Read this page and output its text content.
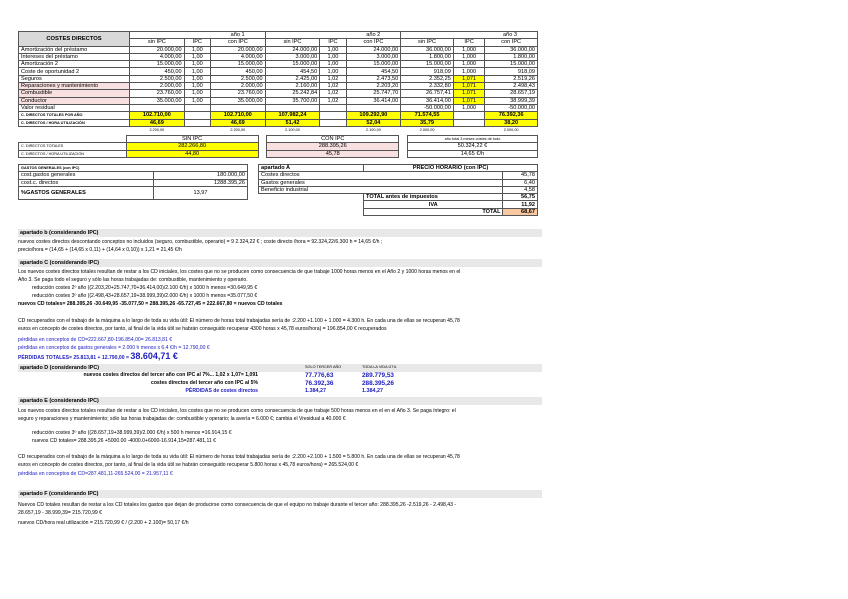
COSTES DIRECTOS	año 1			año 2			año 3		
	sin IPC	IPC	con IPC	sin IPC	IPC	con IPC	sin IPC	IPC	con IPC
Amortización del préstamo	20.000,00	1,00	20.000,00	24.000,00	1,00	24.000,00	36.000,00	1,000	36.000,00
Intereses del préstamo	4.000,00	1,00	4.000,00	3.000,00	1,00	3.000,00	1.800,00	1,000	1.800,00
Amortización 2	15.000,00	1,00	15.000,00	15.000,00	1,00	15.000,00	15.000,00	1,000	15.000,00
Coste de oportunidad 2	450,00	1,00	450,00	454,50	1,00	454,50	918,09	1,000	918,09
Seguros	2.500,00	1,00	2.500,00	2.425,00	1,02	2.473,50	2.352,25	1,071	2.519,26
Reparaciones y mantenimiento	2.000,00	1,00	2.000,00	2.160,00	1,02	2.203,20	2.332,80	1,071	2.498,43
Combustible	23.760,00	1,00	23.760,00	25.242,84	1,02	25.747,70	26.757,41	1,071	28.657,19
Conductor	35.000,00	1,00	35.000,00	35.700,00	1,02	36.414,00	36.414,00	1,071	38.999,39
Valor residual							-50.000,00	1,000	-50.000,00
C. DIRECTOS TOTALES POR AÑO	102.710,00		102.710,00	107.982,24		109.292,90	71.574,55		76.392,36
C. DIRECTOS / HORA UTILIZACIÓN	46,69		46,69	51,42		52,04	35,79		38,20
	2.200,00		2.200,00	2.100,00		2.100,00	2.000,00		2.000,00
	SIN IPC		CON IPC		año total 3 meses costes de todo
C. DIRECTOS TOTALES	282.266,80		288.395,26		50.324,22 €
C. DIRECTOS / HORA UTILIZACIÓN	44,80		45,78		14,65 €/h
GASTOS GENERALES (con IPC)	
cost.gastos generales	180.000,00
cost.c. directos	1288.395,26
%GASTOS GENERALES	13,97
apartado A	PRECIO HORARIO (con IPC)	
Costes directos		45,78
Gastos generales		6,40
Beneficio industrial		4,58
	TOTAL antes de impuestos	56,75
	IVA	11,92
	TOTAL	68,67
apartado b (considerando IPC)
nuevos costes directos descontando conceptos no incluidos (seguro, combustible, operario) = 9 2.324,22 € ; coste directo /hora = 92.324,22/6.300 h = 14,65 €/h ;
precio/hora = (14,65 + (14,65 x 0,11) + (14,64 x 0,10)) x 1,21 = 21,45 €/h
apartado C (considerando IPC)
Los nuevos costes directos totales resultan de restar a los CD iniciales, los costes que no se producen como consecuencia de que trabaje 1000 horas menos en el Año 2 y 1000 horas menos en el
Año 3. Se paga todo el seguro y sólo las horas trabajadas de: combustible, mantenimiento y operario.
reducción costes 2º año ((2.203,20+25.747,70+36.414,00)/2.100 €/h) x 1000 h menos =30.649,95 €
reducción costes 3º año ((2.498,43+28.657,19+38.999,39)/2.000 €/h) x 1000 h menos =35.077,50 €
nuevos CD totales= 288.395,26 -30.649,95 -35.077,50 = 288.395,26 -65.727,45 = 222.667,80 = nuevos CD totales
CD recuperados con el trabajo de la máquina a lo largo de toda su vida útil: El número de horas total trabajadas sería de :2.200 +1.100 + 1.000 = 4.300 h. En cada una de ellas se recuperan 45,78
euros en concepto de costes directos, por tanto, al final de la vida útil se habrán conseguido recuperar 4300 horas x 45,78 euros/hora) = 196.854,00 € recuperados
pérdidas en conceptos de CD=222.667,80-196.854,00= 26.813,81 €
pérdidas en conceptos de gastos generales = 2.000 h menos x 6,4 €/h = 12.790,00 €
PÉRDIDAS TOTALES= 25.813,81 + 12.790,00 = 38.604,71 €
apartado D (considerando IPC)	SOLO TERCER AÑO	TODA LA VIDA ÚTIL
nuevos costes directos del tercer año con IPC al 7%... 1,02 x 1,07= 1,091	77.776,63	289.779,53
costes directos del tercer año con IPC al 5%	76.392,36	288.395,26
PÉRDIDAS de costes directos	1.384,27	1.384,27
apartado E (considerando IPC)
Los nuevos costes directos totales resultan de restar a los CD iniciales, los costes que no se producen como consecuencia de que trabaje 500 horas menos en el en el Año 3. Se paga íntegro: el
seguro y reparaciones y mantenimiento; sólo las horas trabajadas de: combustible y operario; la avería = 6.000 €; cambia el Vresidual a 40.000 €
reducción costes 3º año ((28.657,19+38.999,39)/2.000 €/h) x 500 h menos =16.914,15 €
nuevos CD totales= 288.395,26 +5000.00 -4000.0+6000-16.914,15=287.481,11 €
CD recuperados con el trabajo de la máquina a lo largo de toda su vida útil: El número de horas total trabajadas sería de :2.200 +2.100 + 1.500 = 5.800 h. En cada una de ellas se recuperan 45,78
euros en concepto de costes directos, por tanto, al final de la vida útil se habrán conseguido recuperar 5.800 horas x 45,78 euros/hora) = 265.524,00 €
pérdidas en conceptos de CD=287.481,11-265.524,00 = 21.957,11 €
apartado F (considerando IPC)
Nuevos CD totales resultan de restar a los CD totales los gastos que dejan de producirse como consecuencia de que el equipo no trabaje durante el tercer año: 288.395,26 -2.519,26 - 2.498,43 -
28.657,19 - 38.999,39= 215.720,99 €
nuevos CD/hora real utilización = 215.720,99 € / (2.200 + 2.100)= 50,17 €/h
